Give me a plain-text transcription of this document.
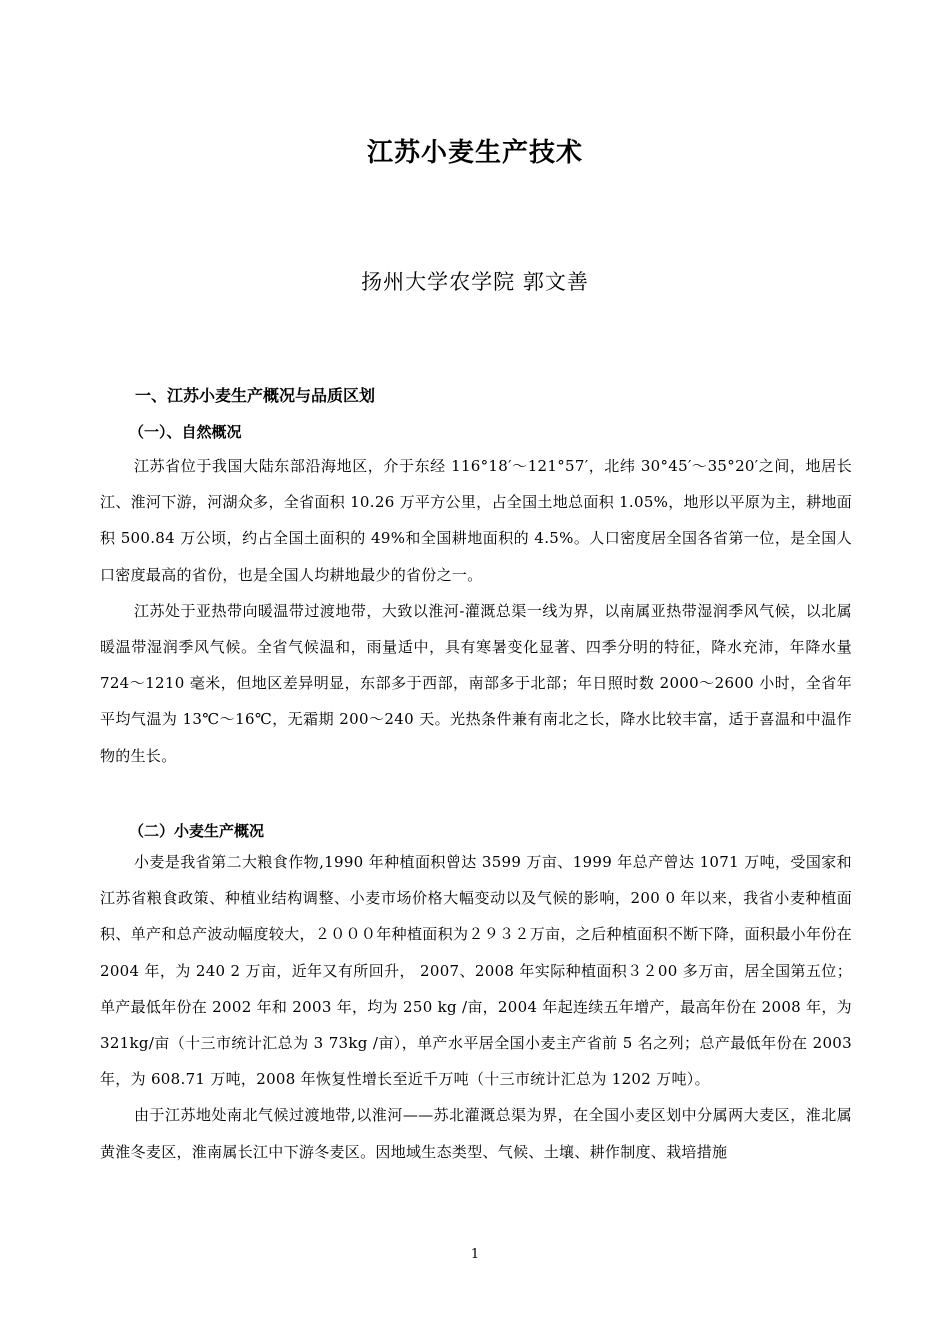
江苏小麦生产技术
扬州大学农学院 郭文善
一、江苏小麦生产概况与品质区划
（一）、自然概况

江苏省位于我国大陆东部沿海地区，介于东经 116°18′～121°57′，北纬 30°45′～35°20′之间，地居长江、淮河下游，河湖众多，全省面积 10.26 万平方公里，占全国土地总面积 1.05%，地形以平原为主，耕地面积 500.84 万公顷，约占全国土面积的 49%和全国耕地面积的 4.5%。人口密度居全国各省第一位，是全国人口密度最高的省份，也是全国人均耕地最少的省份之一。

江苏处于亚热带向暖温带过渡地带，大致以淮河-灌溉总渠一线为界，以南属亚热带湿润季风气候，以北属暖温带湿润季风气候。全省气候温和，雨量适中，具有寒暑变化显著、四季分明的特征，降水充沛，年降水量 724～1210 毫米，但地区差异明显，东部多于西部，南部多于北部；年日照时数 2000～2600 小时，全省年平均气温为 13℃～16℃，无霜期 200～240 天。光热条件兼有南北之长，降水比较丰富，适于喜温和中温作物的生长。

（二）小麦生产概况

小麦是我省第二大粮食作物,1990 年种植面积曾达 3599 万亩、1999 年总产曾达 1071 万吨，受国家和江苏省粮食政策、种植业结构调整、小麦市场价格大幅变动以及气候的影响，200 0 年以来，我省小麦种植面积、单产和总产波动幅度较大，２０００年种植面积为２９３２万亩，之后种植面积不断下降，面积最小年份在 2004 年，为 240 2 万亩，近年又有所回升， 2007、2008 年实际种植面积３２00 多万亩，居全国第五位；单产最低年份在 2002 年和 2003 年，均为 250 kg /亩，2004 年起连续五年增产，最高年份在 2008 年，为 321kg/亩（十三市统计汇总为 3 73kg /亩），单产水平居全国小麦主产省前 5 名之列；总产最低年份在 2003 年，为 608.71 万吨，2008 年恢复性增长至近千万吨（十三市统计汇总为 1202 万吨）。

由于江苏地处南北气候过渡地带,以淮河——苏北灌溉总渠为界，在全国小麦区划中分属两大麦区，淮北属黄淮冬麦区，淮南属长江中下游冬麦区。因地域生态类型、气候、土壤、耕作制度、栽培措施

1
